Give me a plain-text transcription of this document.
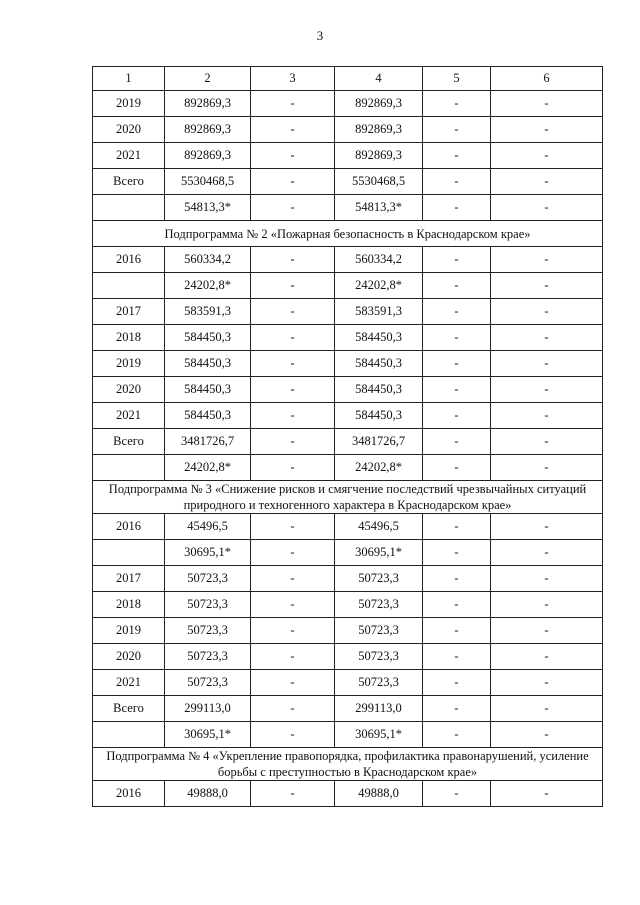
3
1	2	3	4	5	6
2019	892869,3	-	892869,3	-	-
2020	892869,3	-	892869,3	-	-
2021	892869,3	-	892869,3	-	-
Всего	5530468,5	-	5530468,5	-	-
	54813,3*	-	54813,3*	-	-
Подпрограмма № 2 «Пожарная безопасность в Краснодарском крае»					
2016	560334,2	-	560334,2	-	-
	24202,8*	-	24202,8*	-	-
2017	583591,3	-	583591,3	-	-
2018	584450,3	-	584450,3	-	-
2019	584450,3	-	584450,3	-	-
2020	584450,3	-	584450,3	-	-
2021	584450,3	-	584450,3	-	-
Всего	3481726,7	-	3481726,7	-	-
	24202,8*	-	24202,8*	-	-
Подпрограмма № 3 «Снижение рисков и смягчение последствий чрезвычайных ситуаций природного и техногенного характера в Краснодарском крае»					
2016	45496,5	-	45496,5	-	-
	30695,1*	-	30695,1*	-	-
2017	50723,3	-	50723,3	-	-
2018	50723,3	-	50723,3	-	-
2019	50723,3	-	50723,3	-	-
2020	50723,3	-	50723,3	-	-
2021	50723,3	-	50723,3	-	-
Всего	299113,0	-	299113,0	-	-
	30695,1*	-	30695,1*	-	-
Подпрограмма № 4 «Укрепление правопорядка, профилактика правонарушений, усиление борьбы с преступностью в Краснодарском крае»					
2016	49888,0	-	49888,0	-	-
